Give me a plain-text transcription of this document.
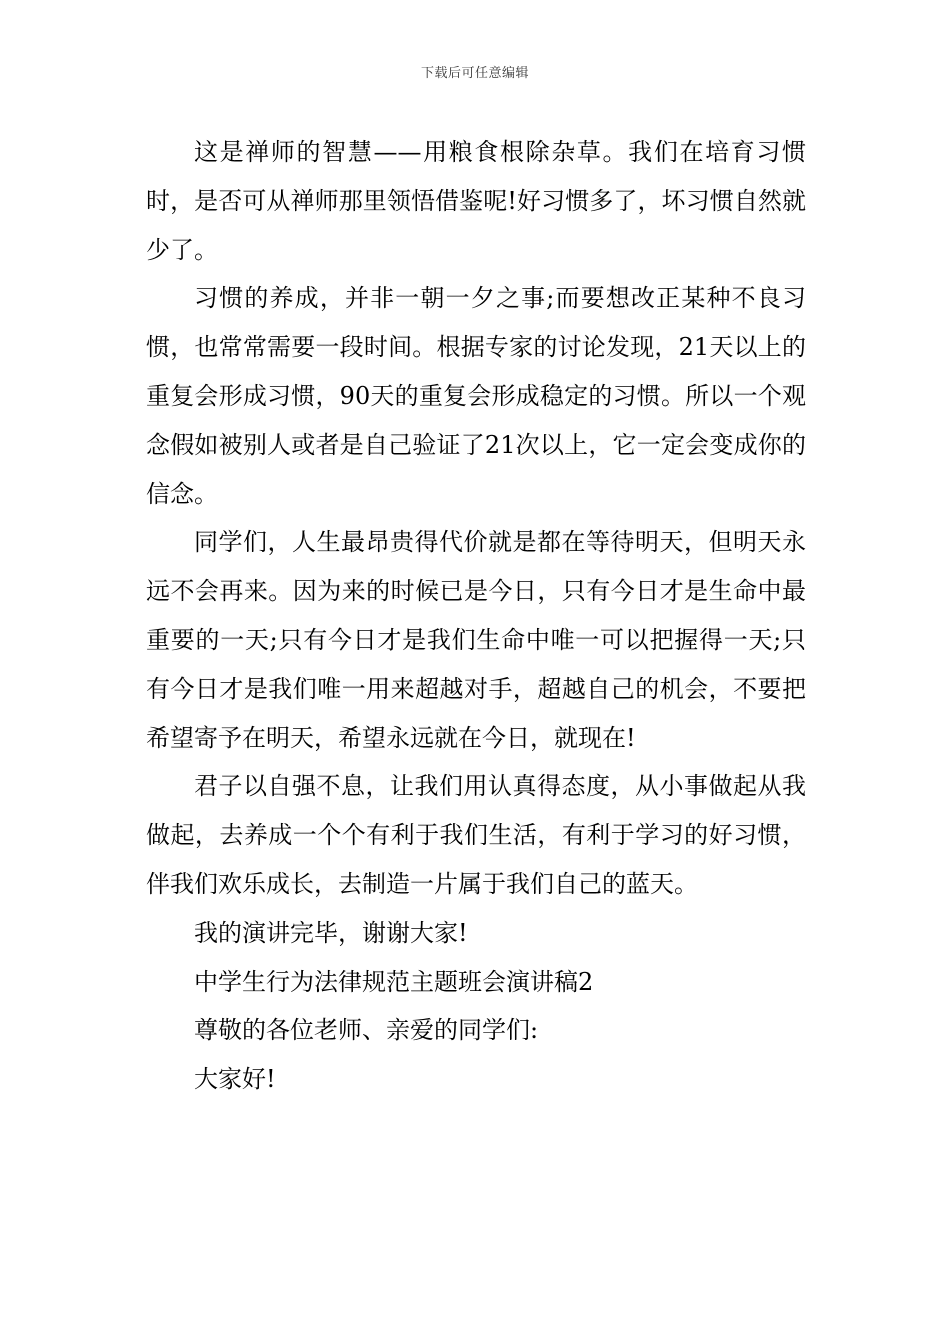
下载后可任意编辑

这是禅师的智慧——用粮食根除杂草。我们在培育习惯时，是否可从禅师那里领悟借鉴呢!好习惯多了，坏习惯自然就少了。

习惯的养成，并非一朝一夕之事;而要想改正某种不良习惯，也常常需要一段时间。根据专家的讨论发现，21天以上的重复会形成习惯，90天的重复会形成稳定的习惯。所以一个观念假如被别人或者是自己验证了21次以上，它一定会变成你的信念。

同学们，人生最昂贵得代价就是都在等待明天，但明天永远不会再来。因为来的时候已是今日，只有今日才是生命中最重要的一天;只有今日才是我们生命中唯一可以把握得一天;只有今日才是我们唯一用来超越对手，超越自己的机会，不要把希望寄予在明天，希望永远就在今日，就现在!

君子以自强不息，让我们用认真得态度，从小事做起从我做起，去养成一个个有利于我们生活，有利于学习的好习惯，伴我们欢乐成长，去制造一片属于我们自己的蓝天。

我的演讲完毕，谢谢大家!

中学生行为法律规范主题班会演讲稿2

尊敬的各位老师、亲爱的同学们:

大家好!
